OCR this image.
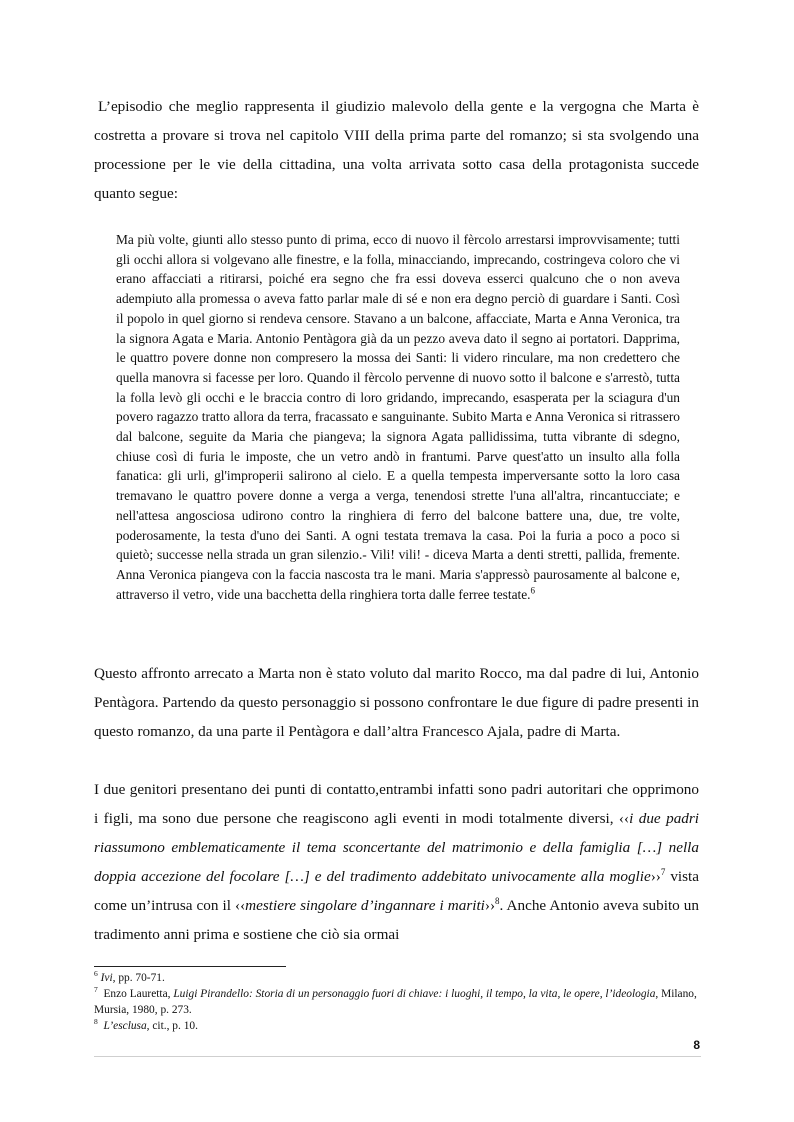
L’episodio che meglio rappresenta il giudizio malevolo della gente e la vergogna che Marta è costretta a provare si trova nel capitolo VIII della prima parte del romanzo; si sta svolgendo una processione per le vie della cittadina, una volta arrivata sotto casa della protagonista succede quanto segue:

Ma più volte, giunti allo stesso punto di prima, ecco di nuovo il fèrcolo arrestarsi improvvisamente; tutti gli occhi allora si volgevano alle finestre, e la folla, minacciando, imprecando, costringeva coloro che vi erano affacciati a ritirarsi, poiché era segno che fra essi doveva esserci qualcuno che o non aveva adempiuto alla promessa o aveva fatto parlar male di sé e non era degno perciò di guardare i Santi. Così il popolo in quel giorno si rendeva censore. Stavano a un balcone, affacciate, Marta e Anna Veronica, tra la signora Agata e Maria. Antonio Pentàgora già da un pezzo aveva dato il segno ai portatori. Dapprima, le quattro povere donne non compresero la mossa dei Santi: li videro rinculare, ma non credettero che quella manovra si facesse per loro. Quando il fèrcolo pervenne di nuovo sotto il balcone e s'arrestò, tutta la folla levò gli occhi e le braccia contro di loro gridando, imprecando, esasperata per la sciagura d'un povero ragazzo tratto allora da terra, fracassato e sanguinante. Subito Marta e Anna Veronica si ritrassero dal balcone, seguite da Maria che piangeva; la signora Agata pallidissima, tutta vibrante di sdegno, chiuse così di furia le imposte, che un vetro andò in frantumi. Parve quest'atto un insulto alla folla fanatica: gli urli, gl'improperii salirono al cielo. E a quella tempesta imperversante sotto la loro casa tremavano le quattro povere donne a verga a verga, tenendosi strette l'una all'altra, rincantucciate; e nell'attesa angosciosa udirono contro la ringhiera di ferro del balcone battere una, due, tre volte, poderosamente, la testa d'uno dei Santi. A ogni testata tremava la casa. Poi la furia a poco a poco si quietò; successe nella strada un gran silenzio.- Vili! vili! - diceva Marta a denti stretti, pallida, fremente. Anna Veronica piangeva con la faccia nascosta tra le mani. Maria s'appressò paurosamente al balcone e, attraverso il vetro, vide una bacchetta della ringhiera torta dalle ferree testate.$^6$

Questo affronto arrecato a Marta non è stato voluto dal marito Rocco, ma dal padre di lui, Antonio Pentàgora. Partendo da questo personaggio si possono confrontare le due figure di padre presenti in questo romanzo, da una parte il Pentàgora e dall’altra Francesco Ajala, padre di Marta.

I due genitori presentano dei punti di contatto,entrambi infatti sono padri autoritari che opprimono i figli, ma sono due persone che reagiscono agli eventi in modi totalmente diversi, ‹‹i due padri riassumono emblematicamente il tema sconcertante del matrimonio e della famiglia […] nella doppia accezione del focolare […] e del tradimento addebitato univocamente alla moglie››$^7$ vista come un’intrusa con il ‹‹mestiere singolare d’ingannare i mariti››$^8$. Anche Antonio aveva subito un tradimento anni prima e sostiene che ciò sia ormai

$^6$ Ivi, pp. 70-71.
$^7$  Enzo Lauretta, Luigi Pirandello: Storia di un personaggio fuori di chiave: i luoghi, il tempo, la vita, le opere, l’ideologia, Milano, Mursia, 1980, p. 273.
$^8$  L’esclusa, cit., p. 10.
8
